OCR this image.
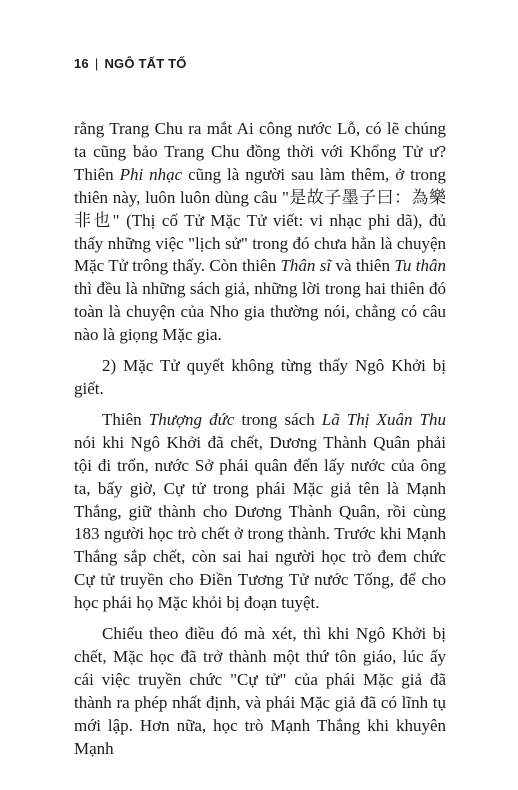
16 | NGÔ TẤT TỐ

rằng Trang Chu ra mắt Ai công nước Lỗ, có lẽ chúng ta cũng bảo Trang Chu đồng thời với Khổng Tử ư? Thiên Phi nhạc cũng là người sau làm thêm, ở trong thiên này, luôn luôn dùng câu "是故子墨子曰：為樂非也" (Thị cố Tử Mặc Tử viết: vi nhạc phi dã), đủ thấy những việc "lịch sử" trong đó chưa hẳn là chuyện Mặc Tử trông thấy. Còn thiên Thân sĩ và thiên Tu thân thì đều là những sách giả, những lời trong hai thiên đó toàn là chuyện của Nho gia thường nói, chẳng có câu nào là giọng Mặc gia.

2) Mặc Tử quyết không từng thấy Ngô Khởi bị giết.

Thiên Thượng đức trong sách Lã Thị Xuân Thu nói khi Ngô Khởi đã chết, Dương Thành Quân phải tội đi trốn, nước Sở phái quân đến lấy nước của ông ta, bấy giờ, Cự tử trong phái Mặc giả tên là Mạnh Thắng, giữ thành cho Dương Thành Quân, rồi cùng 183 người học trò chết ở trong thành. Trước khi Mạnh Thắng sắp chết, còn sai hai người học trò đem chức Cự tử truyền cho Điền Tương Tử nước Tống, để cho học phái họ Mặc khỏi bị đoạn tuyệt.

Chiếu theo điều đó mà xét, thì khi Ngô Khởi bị chết, Mặc học đã trở thành một thứ tôn giáo, lúc ấy cái việc truyền chức "Cự tử" của phái Mặc giả đã thành ra phép nhất định, và phái Mặc giả đã có lĩnh tụ mới lập. Hơn nữa, học trò Mạnh Thắng khi khuyên Mạnh
